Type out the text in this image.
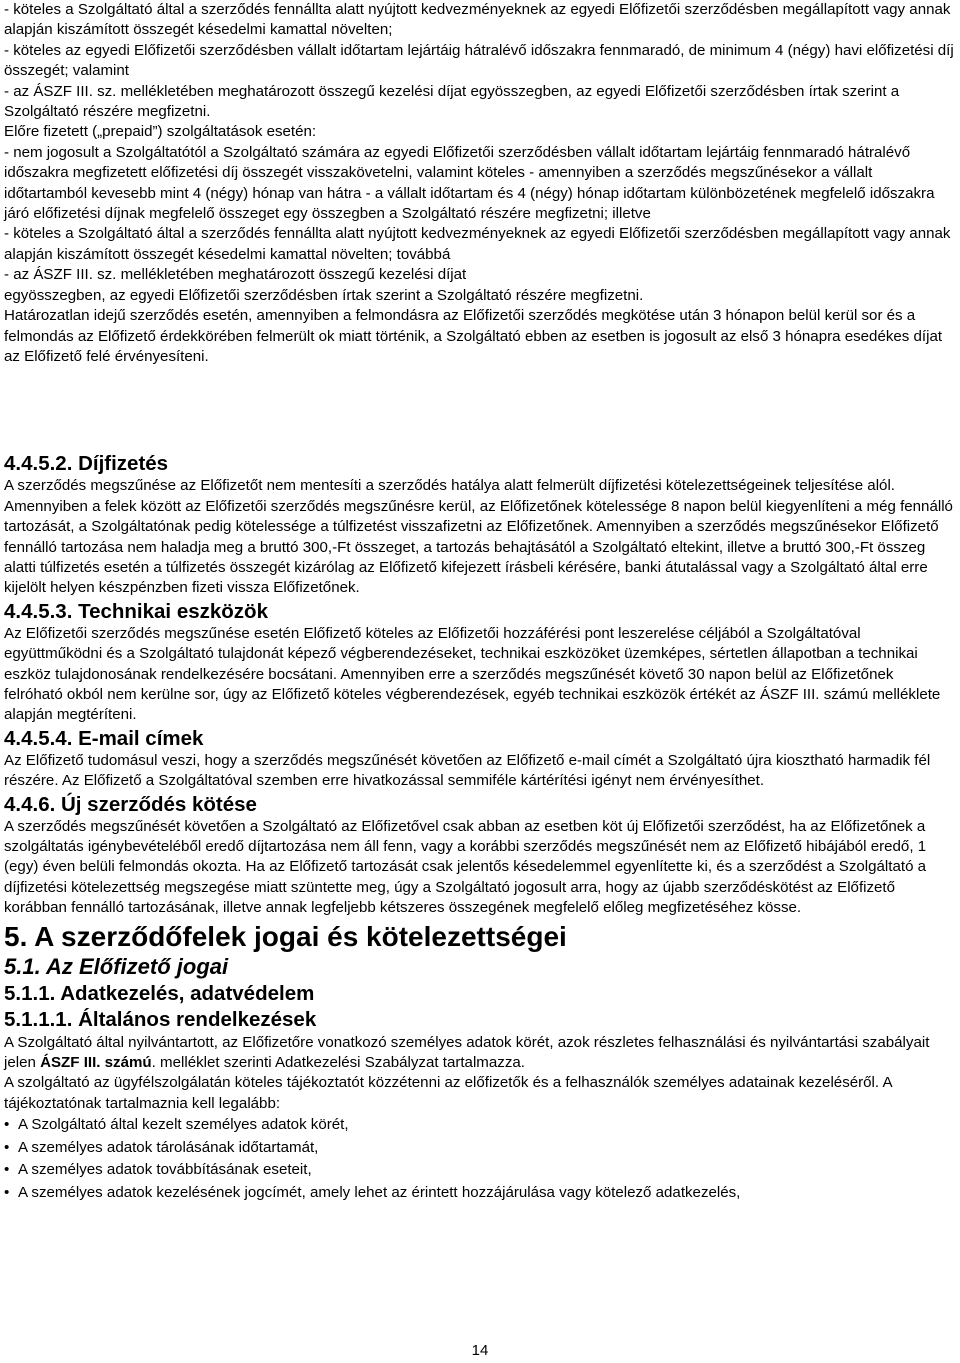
- köteles a Szolgáltató által a szerződés fennállta alatt nyújtott kedvezményeknek az egyedi Előfizetői szerződésben megállapított vagy annak alapján kiszámított összegét késedelmi kamattal növelten;

- köteles az egyedi Előfizetői szerződésben vállalt időtartam lejártáig hátralévő időszakra fennmaradó, de minimum 4 (négy) havi előfizetési díj összegét; valamint

- az ÁSZF III. sz. mellékletében meghatározott összegű kezelési díjat egyösszegben, az egyedi Előfizetői szerződésben írtak szerint a Szolgáltató részére megfizetni.

Előre fizetett („prepaid”) szolgáltatások esetén:

- nem jogosult a Szolgáltatótól a Szolgáltató számára az egyedi Előfizetői szerződésben vállalt időtartam lejártáig fennmaradó hátralévő időszakra megfizetett előfizetési díj összegét visszakövetelni, valamint köteles - amennyiben a szerződés megszűnésekor a vállalt időtartamból kevesebb mint 4 (négy) hónap van hátra - a vállalt időtartam és 4 (négy) hónap időtartam különbözetének megfelelő időszakra járó előfizetési díjnak megfelelő összeget egy összegben a Szolgáltató részére megfizetni; illetve

- köteles a Szolgáltató által a szerződés fennállta alatt nyújtott kedvezményeknek az egyedi Előfizetői szerződésben megállapított vagy annak alapján kiszámított összegét késedelmi kamattal növelten; továbbá

- az ÁSZF III. sz. mellékletében meghatározott összegű kezelési díjat

egyösszegben, az egyedi Előfizetői szerződésben írtak szerint a Szolgáltató részére megfizetni.

Határozatlan idejű szerződés esetén, amennyiben a felmondásra az Előfizetői szerződés megkötése után 3 hónapon belül kerül sor és a felmondás az Előfizető érdekkörében felmerült ok miatt történik, a Szolgáltató ebben az esetben is jogosult az első 3 hónapra esedékes díjat az Előfizető felé érvényesíteni.

4.4.5.2. Díjfizetés

A szerződés megszűnése az Előfizetőt nem mentesíti a szerződés hatálya alatt felmerült díjfizetési kötelezettségeinek teljesítése alól. Amennyiben a felek között az Előfizetői szerződés megszűnésre kerül, az Előfizetőnek kötelessége 8 napon belül kiegyenlíteni a még fennálló tartozását, a Szolgáltatónak pedig kötelessége a túlfizetést visszafizetni az Előfizetőnek. Amennyiben a szerződés megszűnésekor Előfizető fennálló tartozása nem haladja meg a bruttó 300,-Ft összeget, a tartozás behajtásától a Szolgáltató eltekint, illetve a bruttó 300,-Ft összeg alatti túlfizetés esetén a túlfizetés összegét kizárólag az Előfizető kifejezett írásbeli kérésére, banki átutalással vagy a Szolgáltató által erre kijelölt helyen készpénzben fizeti vissza Előfizetőnek.

4.4.5.3. Technikai eszközök

Az Előfizetői szerződés megszűnése esetén Előfizető köteles az Előfizetői hozzáférési pont leszerelése céljából a Szolgáltatóval együttműködni és a Szolgáltató tulajdonát képező végberendezéseket, technikai eszközöket üzemképes, sértetlen állapotban a technikai eszköz tulajdonosának rendelkezésére bocsátani. Amennyiben erre a szerződés megszűnését követő 30 napon belül az Előfizetőnek felróható okból nem kerülne sor, úgy az Előfizető köteles végberendezések, egyéb technikai eszközök értékét az ÁSZF III. számú melléklete alapján megtéríteni.

4.4.5.4. E-mail címek

Az Előfizető tudomásul veszi, hogy a szerződés megszűnését követően az Előfizető e-mail címét a Szolgáltató újra kiosztható harmadik fél részére. Az Előfizető a Szolgáltatóval szemben erre hivatkozással semmiféle kártérítési igényt nem érvényesíthet.

4.4.6. Új szerződés kötése

A szerződés megszűnését követően a Szolgáltató az Előfizetővel csak abban az esetben köt új Előfizetői szerződést, ha az Előfizetőnek a szolgáltatás igénybevételéből eredő díjtartozása nem áll fenn, vagy a korábbi szerződés megszűnését nem az Előfizető hibájából eredő, 1 (egy) éven belüli felmondás okozta. Ha az Előfizető tartozását csak jelentős késedelemmel egyenlítette ki, és a szerződést a Szolgáltató a díjfizetési kötelezettség megszegése miatt szüntette meg, úgy a Szolgáltató jogosult arra, hogy az újabb szerződéskötést az Előfizető korábban fennálló tartozásának, illetve annak legfeljebb kétszeres összegének megfelelő előleg megfizetéséhez kösse.

5. A szerződőfelek jogai és kötelezettségei
5.1. Az Előfizető jogai
5.1.1. Adatkezelés, adatvédelem
5.1.1.1. Általános rendelkezések

A Szolgáltató által nyilvántartott, az Előfizetőre vonatkozó személyes adatok körét, azok részletes felhasználási és nyilvántartási szabályait jelen ÁSZF III. számú. melléklet szerinti Adatkezelési Szabályzat tartalmazza.

A szolgáltató az ügyfélszolgálatán köteles tájékoztatót közzétenni az előfizetők és a felhasználók személyes adatainak kezeléséről. A tájékoztatónak tartalmaznia kell legalább:

• A Szolgáltató által kezelt személyes adatok körét,
• A személyes adatok tárolásának időtartamát,
• A személyes adatok továbbításának eseteit,
• A személyes adatok kezelésének jogcímét, amely lehet az érintett hozzájárulása vagy kötelező adatkezelés,
14
